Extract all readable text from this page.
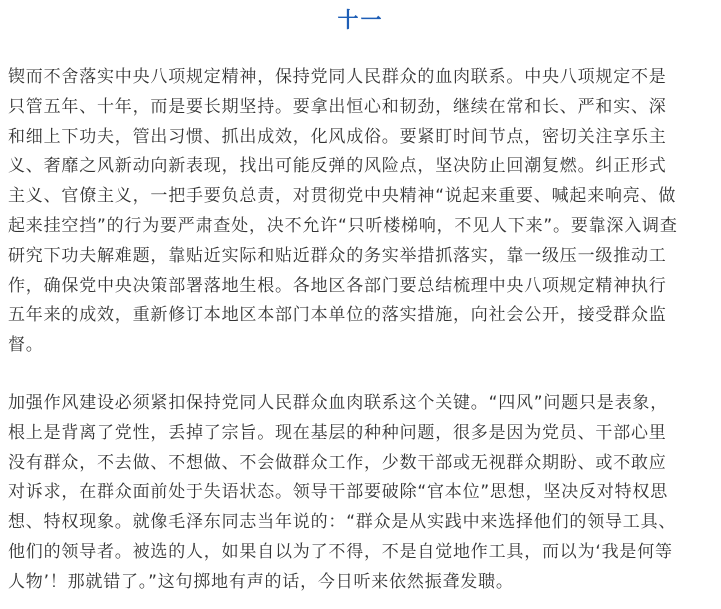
十一
锲而不舍落实中央八项规定精神，保持党同人民群众的血肉联系。中央八项规定不是
只管五年、十年，而是要长期坚持。要拿出恒心和韧劲，继续在常和长、严和实、深
和细上下功夫，管出习惯、抓出成效，化风成俗。要紧盯时间节点，密切关注享乐主
义、奢靡之风新动向新表现，找出可能反弹的风险点，坚决防止回潮复燃。纠正形式
主义、官僚主义，一把手要负总责，对贯彻党中央精神“说起来重要、喊起来响亮、做
起来挂空挡”的行为要严肃查处，决不允许“只听楼梯响，不见人下来”。要靠深入调查
研究下功夫解难题，靠贴近实际和贴近群众的务实举措抓落实，靠一级压一级推动工
作，确保党中央决策部署落地生根。各地区各部门要总结梳理中央八项规定精神执行
五年来的成效，重新修订本地区本部门本单位的落实措施，向社会公开，接受群众监
督。
加强作风建设必须紧扣保持党同人民群众血肉联系这个关键。“四风”问题只是表象，
根上是背离了党性，丢掉了宗旨。现在基层的种种问题，很多是因为党员、干部心里
没有群众，不去做、不想做、不会做群众工作，少数干部或无视群众期盼、或不敢应
对诉求，在群众面前处于失语状态。领导干部要破除“官本位”思想，坚决反对特权思
想、特权现象。就像毛泽东同志当年说的：“群众是从实践中来选择他们的领导工具、
他们的领导者。被选的人，如果自以为了不得，不是自觉地作工具，而以为‘我是何等
人物’！那就错了。”这句掷地有声的话，今日听来依然振聋发聩。
